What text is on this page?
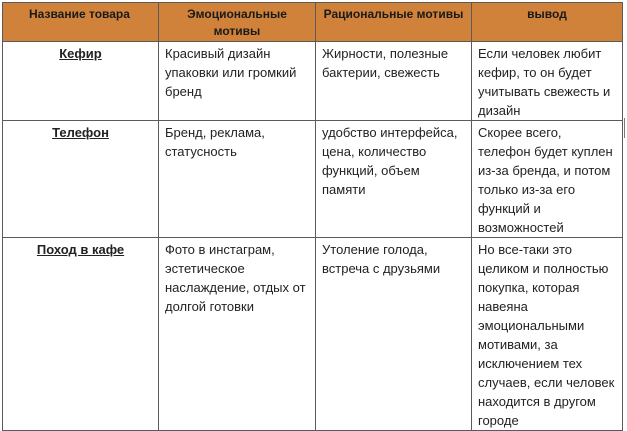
Название товара	Эмоциональные мотивы	Рациональные мотивы	вывод
Кефир	Красивый дизайн упаковки или громкий бренд	Жирности, полезные бактерии, свежесть	Если человек любит кефир, то он будет учитывать свежесть и дизайн
Телефон	Бренд, реклама, статусность	удобство интерфейса, цена, количество функций, объем памяти	Скорее всего, телефон будет куплен из-за бренда, и потом только из-за его функций и возможностей
Поход в кафе	Фото в инстаграм, эстетическое наслаждение, отдых от долгой готовки	Утоление голода, встреча с друзьями	Но все-таки это целиком и полностью покупка, которая навеяна эмоциональными мотивами, за исключением тех случаев, если человек находится в другом городе
